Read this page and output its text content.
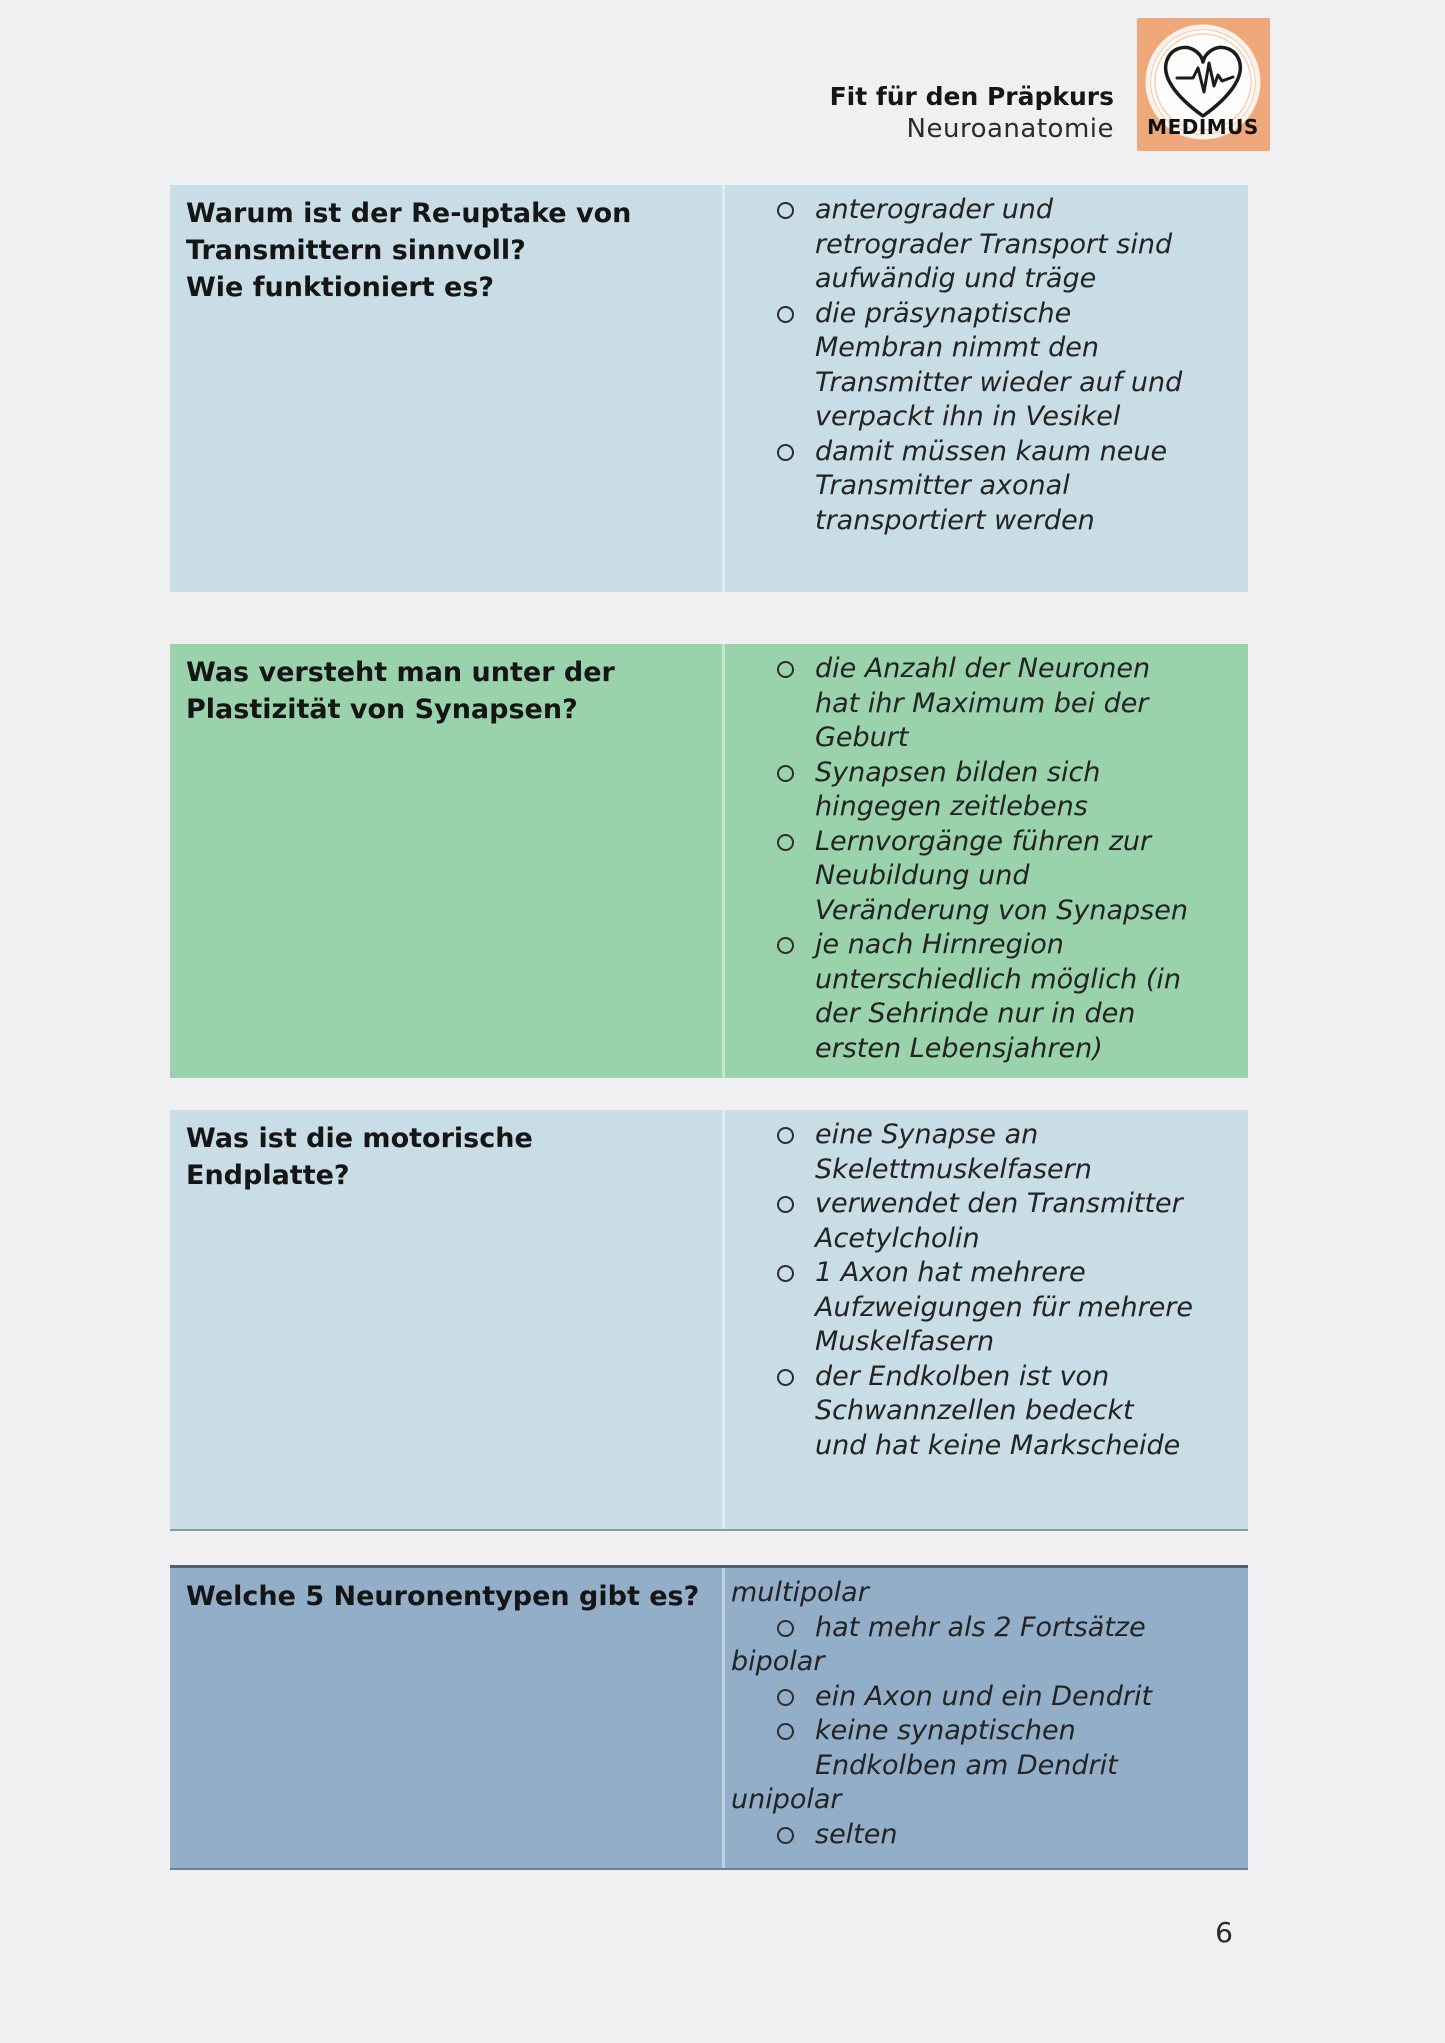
Fit für den Präpkurs
Neuroanatomie MEDIMUS

Warum ist der Re-uptake von Transmittern sinnvoll?

Wie funktioniert es?

anterograder und retrograder Transport sind aufwändig und träge
die präsynaptische Membran nimmt den Transmitter wieder auf und verpackt ihn in Vesikel
damit müssen kaum neue Transmitter axonal transportiert werden

Was versteht man unter der Plastizität von Synapsen?

die Anzahl der Neuronen hat ihr Maximum bei der Geburt
Synapsen bilden sich hingegen zeitlebens
Lernvorgänge führen zur Neubildung und Veränderung von Synapsen
je nach Hirnregion unterschiedlich möglich (in der Sehrinde nur in den ersten Lebensjahren)

Was ist die motorische Endplatte?

eine Synapse an Skelettmuskelfasern
verwendet den Transmitter Acetylcholin
1 Axon hat mehrere Aufzweigungen für mehrere Muskelfasern
der Endkolben ist von Schwannzellen bedeckt und hat keine Markscheide

Welche 5 Neuronentypen gibt es? multipolar
hat mehr als 2 Fortsätze
bipolar
ein Axon und ein Dendrit
keine synaptischen Endkolben am Dendrit
unipolar
selten
6
